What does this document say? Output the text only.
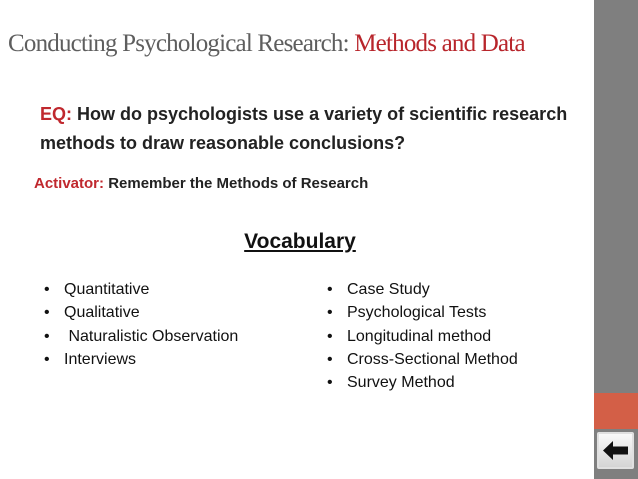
Conducting Psychological Research: Methods and Data
EQ: How do psychologists use a variety of scientific research methods to draw reasonable conclusions?
Activator: Remember the Methods of Research
Vocabulary
• Quantitative
• Qualitative
•  Naturalistic Observation
• Interviews
• Case Study
• Psychological Tests
• Longitudinal method
• Cross-Sectional Method
• Survey Method
